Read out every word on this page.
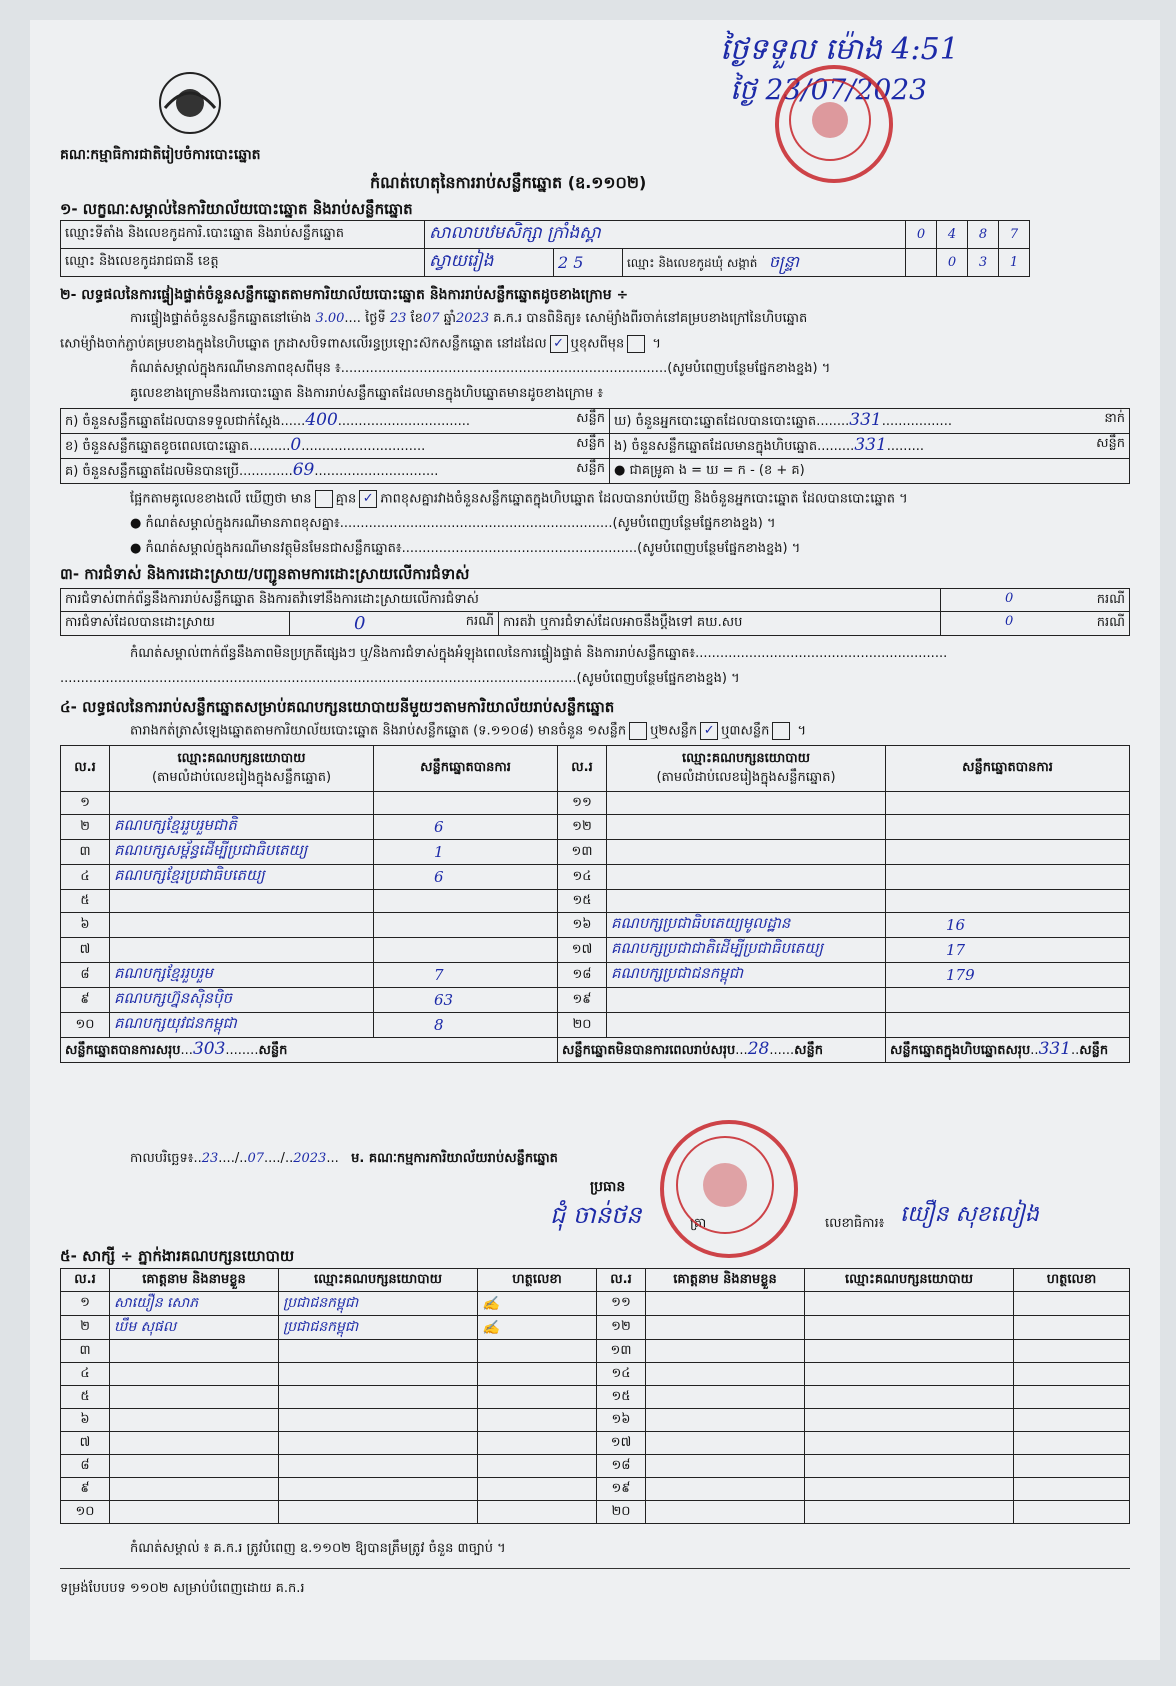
គណៈកម្មាធិការជាតិរៀបចំការបោះឆ្នោត
កំណត់ហេតុនៃការរាប់សន្លឹកឆ្នោត (ឧ.១១០២)
ថ្ងៃទទួល ម៉ោង 4:51
ថ្ងៃ 23/07/2023
១- លក្ខណៈសម្គាល់នៃការិយាល័យបោះឆ្នោត និងរាប់សន្លឹកឆ្នោត
ឈ្មោះទីតាំង និងលេខកូដការិ.បោះឆ្នោត និងរាប់សន្លឹកឆ្នោត	សាលាបឋមសិក្សា ក្រាំងស្គា			0	4	8	7
ឈ្មោះ និងលេខកូដរាជធានី ខេត្ត	ស្វាយរៀង	2 5	ឈ្មោះ និងលេខកូដឃុំ សង្កាត់ ចន្ទ្រា		0	3	1
២- លទ្ធផលនៃការផ្ទៀងផ្ទាត់ចំនួនសន្លឹកឆ្នោតតាមការិយាល័យបោះឆ្នោត និងការរាប់សន្លឹកឆ្នោតដូចខាងក្រោម ÷
ការផ្ទៀងផ្ទាត់ចំនួនសន្លឹកឆ្នោតនៅម៉ោង 3.00.... ថ្ងៃទី 23 ខែ07 ឆ្នាំ2023 គ.ក.រ បានពិនិត្យ៖ សោម៉្យាំងពីរចាក់នៅគម្របខាងក្រៅនៃហិបឆ្នោត
សោម៉្យាំងចាក់ភ្ជាប់គម្របខាងក្នុងនៃហិបឆ្នោត ក្រដាសបិទពាសលើរន្ធប្រឡោះស៊កសន្លឹកឆ្នោត នៅដដែល ✓ ឬខុសពីមុន ។
កំណត់សម្គាល់ក្នុងករណីមានភាពខុសពីមុន ៖...............................................................................(សូមបំពេញបន្ថែមផ្នែកខាងខ្នង) ។
គូលេខខាងក្រោមនឹងការបោះឆ្នោត និងការរាប់សន្លឹកឆ្នោតដែលមានក្នុងហិបឆ្នោតមានដូចខាងក្រោម ៖
ក) ចំនួនសន្លឹកឆ្នោតដែលបានទទួលជាក់ស្តែង......400................................ សន្លឹក	ឃ) ចំនួនអ្នកបោះឆ្នោតដែលបានបោះឆ្នោត........331................. នាក់

ខ) ចំនួនសន្លឹកឆ្នោតខូចពេលបោះឆ្នោត..........0.............................. សន្លឹក	ង) ចំនួនសន្លឹកឆ្នោតដែលមានក្នុងហិបឆ្នោត.........331......... សន្លឹក

គ) ចំនួនសន្លឹកឆ្នោតដែលមិនបានប្រើ.............69.............................. សន្លឹក	● ជាគម្រូគា ង = ឃ = ក - (ខ + គ)
ផ្អែកតាមគូលេខខាងលើ ឃើញថា មាន គ្មាន ✓ ភាពខុសគ្នារវាងចំនួនសន្លឹកឆ្នោតក្នុងហិបឆ្នោត ដែលបានរាប់ឃើញ និងចំនួនអ្នកបោះឆ្នោត ដែលបានបោះឆ្នោត ។
● កំណត់សម្គាល់ក្នុងករណីមានភាពខុសគ្នា៖..................................................................(សូមបំពេញបន្ថែមផ្នែកខាងខ្នង) ។
● កំណត់សម្គាល់ក្នុងករណីមានវត្ថុមិនមែនជាសន្លឹកឆ្នោត៖.........................................................(សូមបំពេញបន្ថែមផ្នែកខាងខ្នង) ។
៣- ការជំទាស់ និងការដោះស្រាយ/បញ្ជូនតាមការដោះស្រាយលើការជំទាស់
ការជំទាស់ពាក់ព័ន្ធនឹងការរាប់សន្លឹកឆ្នោត និងការតវ៉ាទៅនឹងការដោះស្រាយលើការជំទាស់			0 ករណី

ការជំទាស់ដែលបានដោះស្រាយ	0 ករណី	ការតវ៉ា ឬការជំទាស់ដែលអាចនឹងប្តឹងទៅ គឃ.សប	0 ករណី
កំណត់សម្គាល់ពាក់ព័ន្ធនឹងភាពមិនប្រក្រតីផ្សេងៗ ឬ/និងការជំទាស់ក្នុងអំឡុងពេលនៃការផ្ទៀងផ្ទាត់ និងការរាប់សន្លឹកឆ្នោត៖.............................................................
.............................................................................................................................(សូមបំពេញបន្ថែមផ្នែកខាងខ្នង) ។
៤- លទ្ធផលនៃការរាប់សន្លឹកឆ្នោតសម្រាប់គណបក្សនយោបាយនីមួយៗតាមការិយាល័យរាប់សន្លឹកឆ្នោត
តារាងកត់ត្រាសំឡេងឆ្នោតតាមការិយាល័យបោះឆ្នោត និងរាប់សន្លឹកឆ្នោត (ទ.១១០៨) មានចំនួន ១សន្លឹក ឬ២សន្លឹក ✓ ឬ៣សន្លឹក ។
ល.រ	ឈ្មោះគណបក្សនយោបាយ
(តាមលំដាប់លេខរៀងក្នុងសន្លឹកឆ្នោត)	សន្លឹកឆ្នោតបានការ	ល.រ	ឈ្មោះគណបក្សនយោបាយ
(តាមលំដាប់លេខរៀងក្នុងសន្លឹកឆ្នោត)	សន្លឹកឆ្នោតបានការ
១			១១		
២	គណបក្សខ្មែររួបរួមជាតិ	6	១២		
៣	គណបក្សសម្ព័ន្ធដើម្បីប្រជាធិបតេយ្យ	1	១៣		
៤	គណបក្សខ្មែរប្រជាធិបតេយ្យ	6	១៤		
៥			១៥		
៦			១៦	គណបក្សប្រជាធិបតេយ្យមូលដ្ឋាន	16
៧			១៧	គណបក្សប្រជាជាតិដើម្បីប្រជាធិបតេយ្យ	17
៨	គណបក្សខ្មែររួបរួម	7	១៨	គណបក្សប្រជាជនកម្ពុជា	179
៩	គណបក្សហ្វ៊ុនស៊ិនប៉ិច	63	១៩		
១០	គណបក្សយុវជនកម្ពុជា	8	២០		
សន្លឹកឆ្នោតបានការសរុប...303........សន្លឹក			សន្លឹកឆ្នោតមិនបានការពេលរាប់សរុប...28......សន្លឹក		សន្លឹកឆ្នោតក្នុងហិបឆ្នោតសរុប..331..សន្លឹក
កាលបរិច្ឆេទ៖..23..../..07..../..2023...   ម. គណៈកម្មការការិយាល័យរាប់សន្លឹកឆ្នោត
ប្រធាន
ជុំ ចាន់ថន	ត្រា	លេខាធិការ៖ យឿន សុខលៀង
៥- សាក្សី ÷ ភ្នាក់ងារគណបក្សនយោបាយ
ល.រ	គោត្តនាម និងនាមខ្លួន	ឈ្មោះគណបក្សនយោបាយ	ហត្ថលេខា	ល.រ	គោត្តនាម និងនាមខ្លួន	ឈ្មោះគណបក្សនយោបាយ	ហត្ថលេខា
១	សាយឿន សោភ	ប្រជាជនកម្ពុជា	✍	១១			
២	ឃឹម សុផល	ប្រជាជនកម្ពុជា	✍	១២			
៣				១៣			
៤				១៤			
៥				១៥			
៦				១៦			
៧				១៧			
៨				១៨			
៩				១៩			
១០				២០			
កំណត់សម្គាល់ ៖ គ.ក.រ ត្រូវបំពេញ ឧ.១១០២ ឱ្យបានត្រឹមត្រូវ ចំនួន ៣ច្បាប់ ។
ទម្រង់បែបបទ ១១០២ សម្រាប់បំពេញដោយ គ.ក.រ
